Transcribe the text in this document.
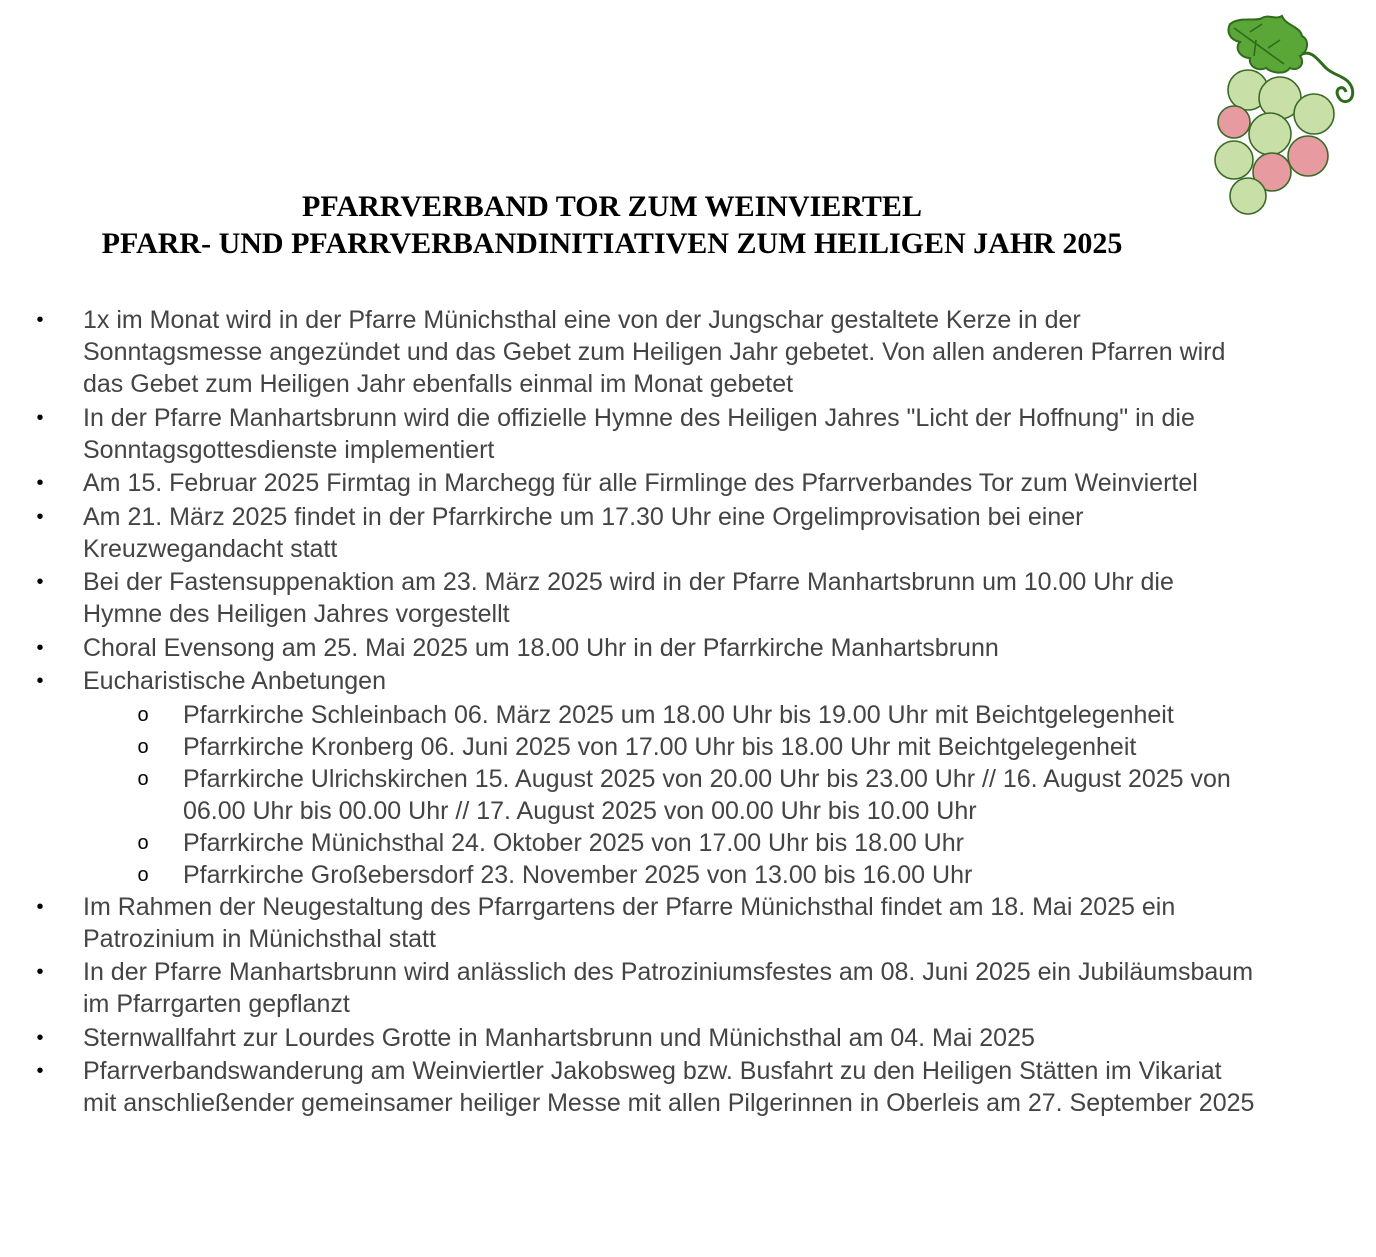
PFARRVERBAND TOR ZUM WEINVIERTEL
PFARR- UND PFARRVERBANDINITIATIVEN ZUM HEILIGEN JAHR 2025
• 1x im Monat wird in der Pfarre Münichsthal eine von der Jungschar gestaltete Kerze in der Sonntagsmesse angezündet und das Gebet zum Heiligen Jahr gebetet. Von allen anderen Pfarren wird das Gebet zum Heiligen Jahr ebenfalls einmal im Monat gebetet
• In der Pfarre Manhartsbrunn wird die offizielle Hymne des Heiligen Jahres "Licht der Hoffnung" in die Sonntagsgottesdienste implementiert
• Am 15. Februar 2025 Firmtag in Marchegg für alle Firmlinge des Pfarrverbandes Tor zum Weinviertel
• Am 21. März 2025 findet in der Pfarrkirche um 17.30 Uhr eine Orgelimprovisation bei einer Kreuzwegandacht statt
• Bei der Fastensuppenaktion am 23. März 2025 wird in der Pfarre Manhartsbrunn um 10.00 Uhr die Hymne des Heiligen Jahres vorgestellt
• Choral Evensong am 25. Mai 2025 um 18.00 Uhr in der Pfarrkirche Manhartsbrunn
• Eucharistische Anbetungen
o Pfarrkirche Schleinbach 06. März 2025 um 18.00 Uhr bis 19.00 Uhr mit Beichtgelegenheit
o Pfarrkirche Kronberg 06. Juni 2025 von 17.00 Uhr bis 18.00 Uhr mit Beichtgelegenheit
o Pfarrkirche Ulrichskirchen 15. August 2025 von 20.00 Uhr bis 23.00 Uhr // 16. August 2025 von 06.00 Uhr bis 00.00 Uhr // 17. August 2025 von 00.00 Uhr bis 10.00 Uhr
o Pfarrkirche Münichsthal 24. Oktober 2025 von 17.00 Uhr bis 18.00 Uhr
o Pfarrkirche Großebersdorf 23. November 2025 von 13.00 bis 16.00 Uhr
• Im Rahmen der Neugestaltung des Pfarrgartens der Pfarre Münichsthal findet am 18. Mai 2025 ein Patrozinium in Münichsthal statt
• In der Pfarre Manhartsbrunn wird anlässlich des Patroziniumsfestes am 08. Juni 2025 ein Jubiläumsbaum im Pfarrgarten gepflanzt
• Sternwallfahrt zur Lourdes Grotte in Manhartsbrunn und Münichsthal am 04. Mai 2025
• Pfarrverbandswanderung am Weinviertler Jakobsweg bzw. Busfahrt zu den Heiligen Stätten im Vikariat mit anschließender gemeinsamer heiliger Messe mit allen Pilgerinnen in Oberleis am 27. September 2025
